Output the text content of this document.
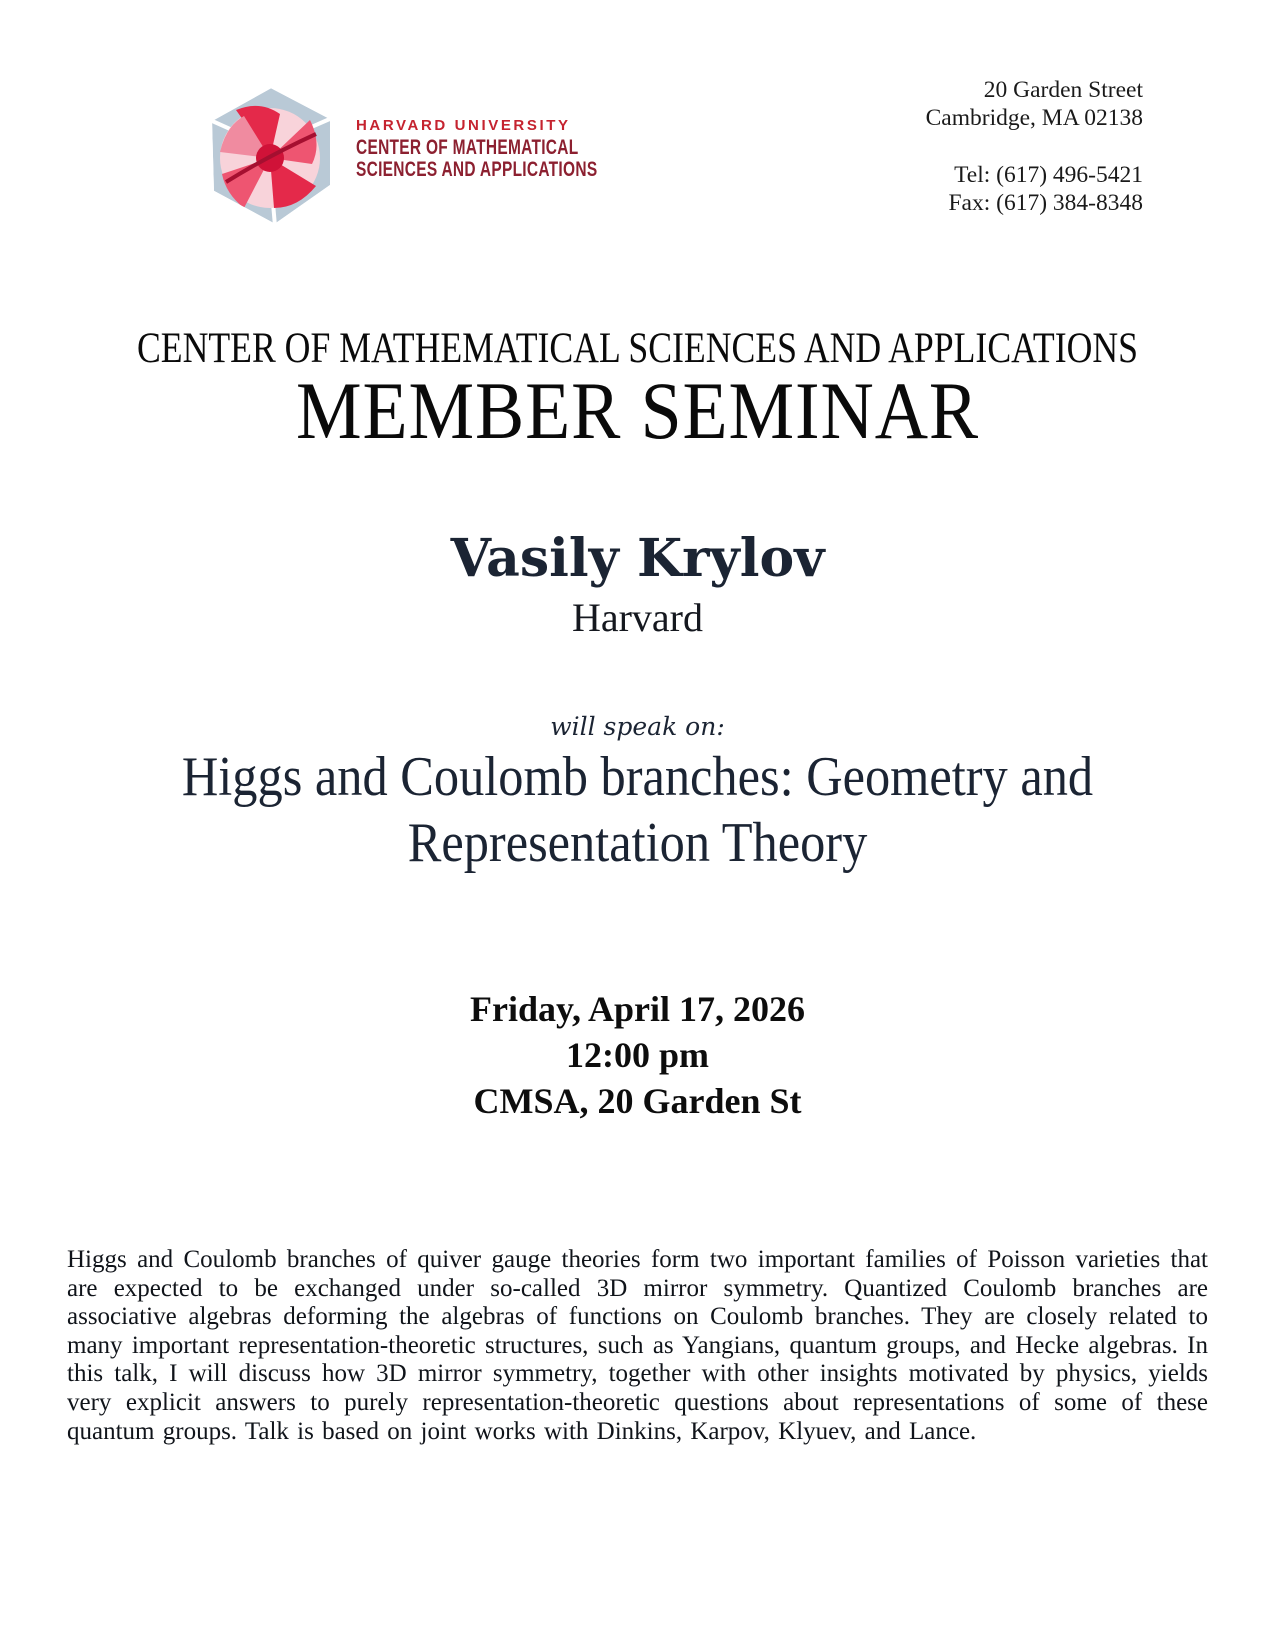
HARVARD UNIVERSITY
CENTER OF MATHEMATICAL
SCIENCES AND APPLICATIONS
20 Garden Street
Cambridge, MA 02138
Tel: (617) 496-5421
Fax: (617) 384-8348
CENTER OF MATHEMATICAL SCIENCES AND APPLICATIONS
MEMBER SEMINAR
Vasily Krylov
Harvard
will speak on:
Higgs and Coulomb branches: Geometry and Representation Theory
Friday, April 17, 2026
12:00 pm
CMSA, 20 Garden St
Higgs and Coulomb branches of quiver gauge theories form two important families of Poisson varieties that are expected to be exchanged under so-called 3D mirror symmetry. Quantized Coulomb branches are associative algebras deforming the algebras of functions on Coulomb branches. They are closely related to many important representation-theoretic structures, such as Yangians, quantum groups, and Hecke algebras. In this talk, I will discuss how 3D mirror symmetry, together with other insights motivated by physics, yields very explicit answers to purely representation-theoretic questions about representations of some of these quantum groups. Talk is based on joint works with Dinkins, Karpov, Klyuev, and Lance.
